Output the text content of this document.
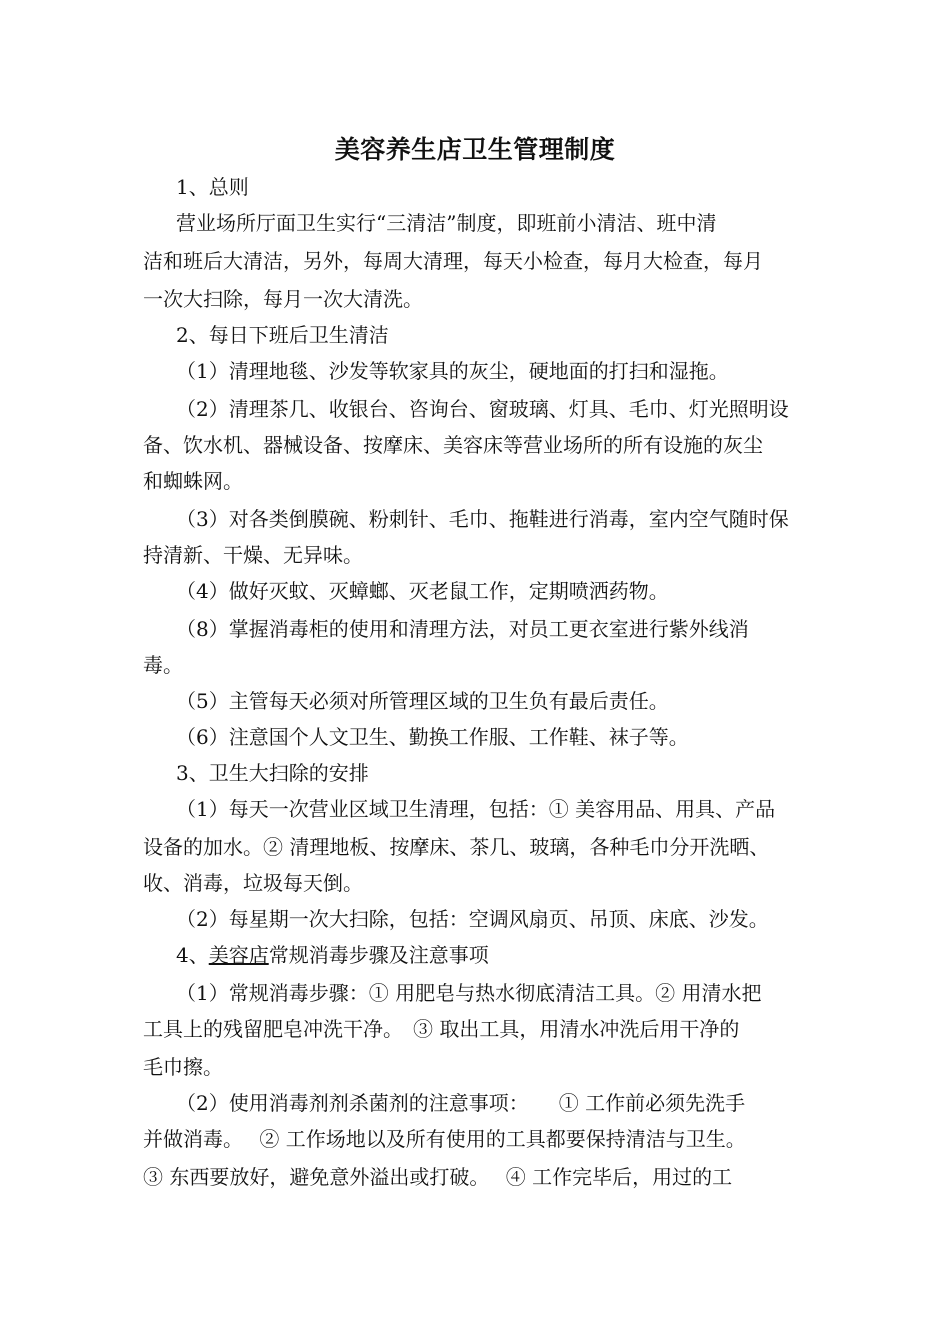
美容养生店卫生管理制度
1、总则
营业场所厅面卫生实行“三清洁”制度，即班前小清洁、班中清
洁和班后大清洁，另外，每周大清理，每天小检查，每月大检查，每月
一次大扫除，每月一次大清洗。
2、每日下班后卫生清洁
（1）清理地毯、沙发等软家具的灰尘，硬地面的打扫和湿拖。
（2）清理茶几、收银台、咨询台、窗玻璃、灯具、毛巾、灯光照明设
备、饮水机、器械设备、按摩床、美容床等营业场所的所有设施的灰尘
和蜘蛛网。
（3）对各类倒膜碗、粉刺针、毛巾、拖鞋进行消毒，室内空气随时保
持清新、干燥、无异味。
（4）做好灭蚊、灭蟑螂、灭老鼠工作，定期喷洒药物。
（8）掌握消毒柜的使用和清理方法，对员工更衣室进行紫外线消
毒。
（5）主管每天必须对所管理区域的卫生负有最后责任。
（6）注意国个人文卫生、勤换工作服、工作鞋、袜子等。
3、卫生大扫除的安排
（1）每天一次营业区域卫生清理，包括：① 美容用品、用具、产品
设备的加水。② 清理地板、按摩床、茶几、玻璃，各种毛巾分开洗晒、
收、消毒，垃圾每天倒。
（2）每星期一次大扫除，包括：空调风扇页、吊顶、床底、沙发。
4、美容店常规消毒步骤及注意事项
（1）常规消毒步骤：① 用肥皂与热水彻底清洁工具。② 用清水把
工具上的残留肥皂冲洗干净。　③ 取出工具，用清水冲洗后用干净的
毛巾擦。
（2）使用消毒剂剂杀菌剂的注意事项：　　① 工作前必须先洗手
并做消毒。　 ② 工作场地以及所有使用的工具都要保持清洁与卫生。
③ 东西要放好，避免意外溢出或打破。　 ④ 工作完毕后，用过的工
